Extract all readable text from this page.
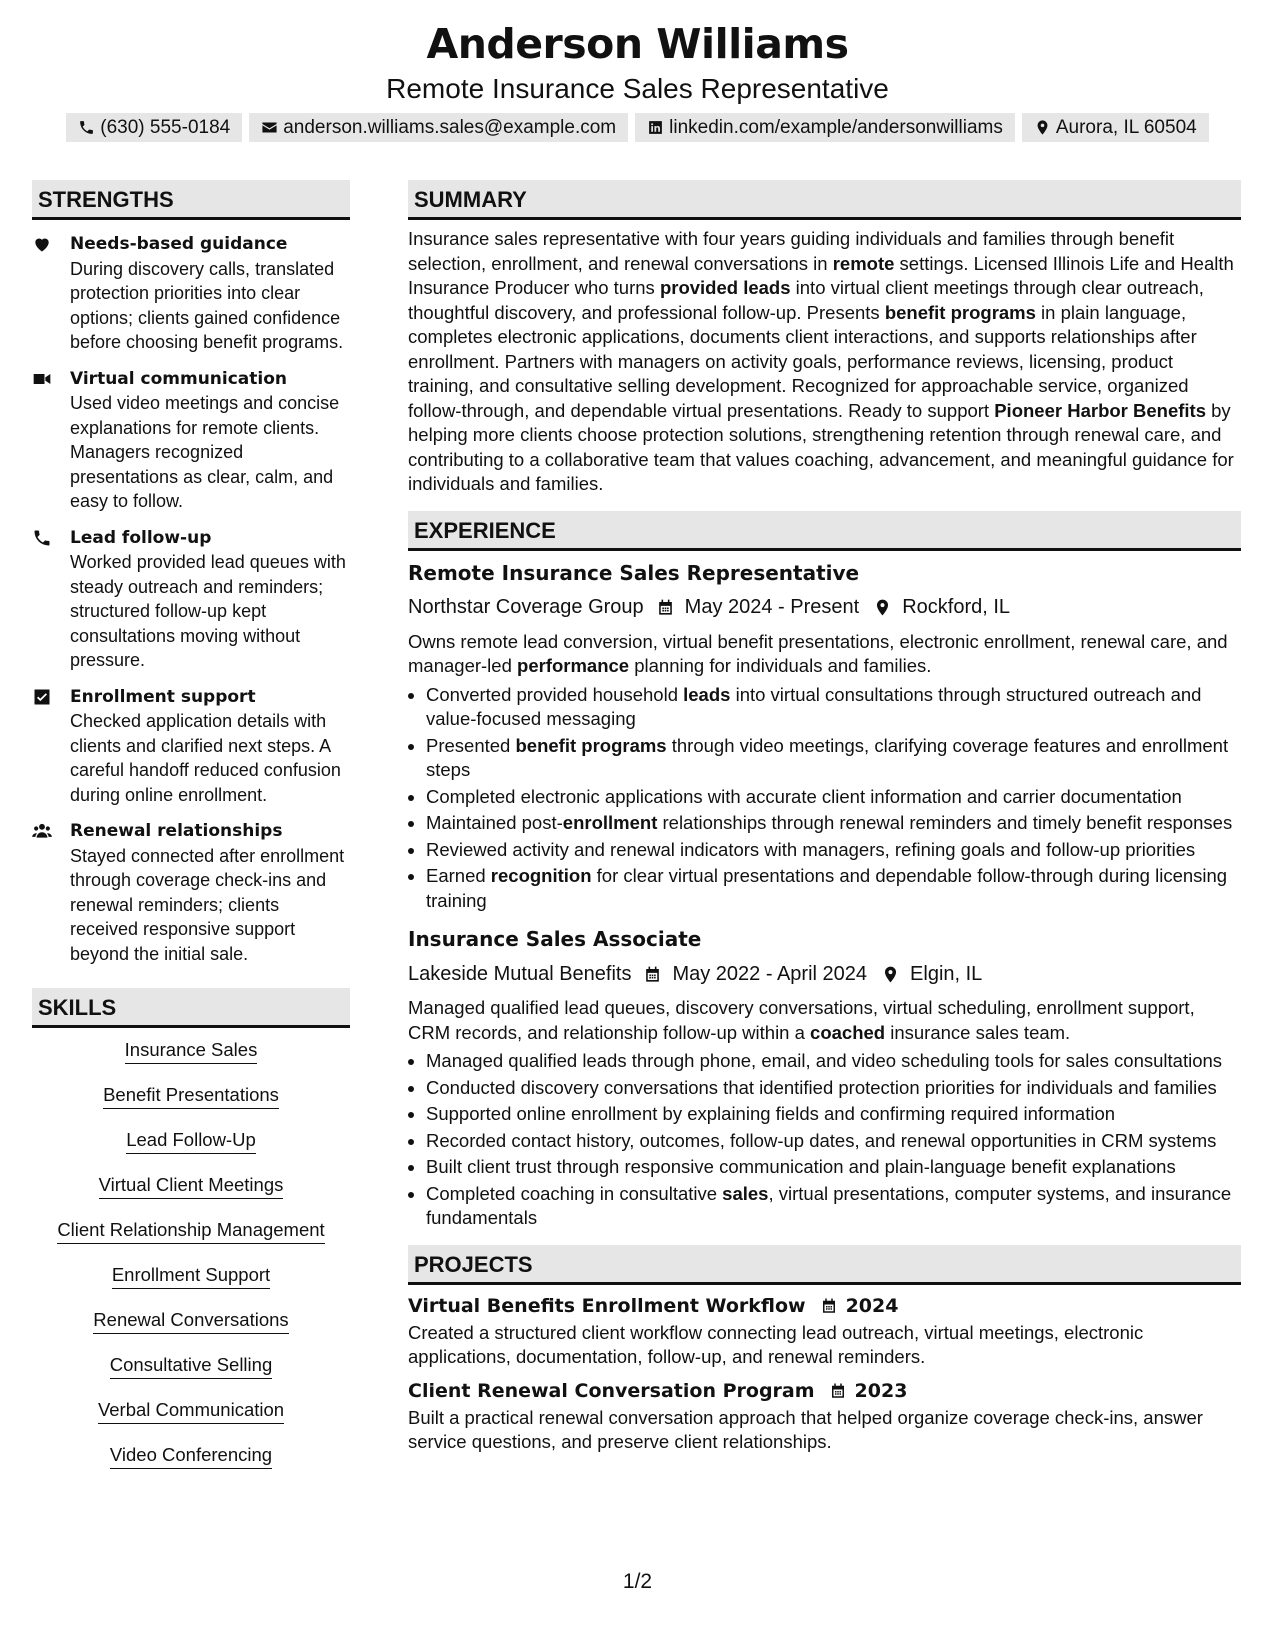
Anderson Williams
Remote Insurance Sales Representative
(630) 555-0184	anderson.williams.sales@example.com	linkedin.com/example/andersonwilliams	Aurora, IL 60504
STRENGTHS
Needs-based guidance
During discovery calls, translated protection priorities into clear options; clients gained confidence before choosing benefit programs.
Virtual communication
Used video meetings and concise explanations for remote clients. Managers recognized presentations as clear, calm, and easy to follow.
Lead follow-up
Worked provided lead queues with steady outreach and reminders; structured follow-up kept consultations moving without pressure.
Enrollment support
Checked application details with clients and clarified next steps. A careful handoff reduced confusion during online enrollment.
Renewal relationships
Stayed connected after enrollment through coverage check-ins and renewal reminders; clients received responsive support beyond the initial sale.
SKILLS
Insurance Sales
Benefit Presentations
Lead Follow-Up
Virtual Client Meetings
Client Relationship Management
Enrollment Support
Renewal Conversations
Consultative Selling
Verbal Communication
Video Conferencing
SUMMARY

Insurance sales representative with four years guiding individuals and families through benefit selection, enrollment, and renewal conversations in remote settings. Licensed Illinois Life and Health Insurance Producer who turns provided leads into virtual client meetings through clear outreach, thoughtful discovery, and professional follow-up. Presents benefit programs in plain language, completes electronic applications, documents client interactions, and supports relationships after enrollment. Partners with managers on activity goals, performance reviews, licensing, product training, and consultative selling development. Recognized for approachable service, organized follow-through, and dependable virtual presentations. Ready to support Pioneer Harbor Benefits by helping more clients choose protection solutions, strengthening retention through renewal care, and contributing to a collaborative team that values coaching, advancement, and meaningful guidance for individuals and families.

EXPERIENCE
Remote Insurance Sales Representative
Northstar Coverage Group May 2024 - Present Rockford, IL

Owns remote lead conversion, virtual benefit presentations, electronic enrollment, renewal care, and manager-led performance planning for individuals and families.

• Converted provided household leads into virtual consultations through structured outreach and value-focused messaging
• Presented benefit programs through video meetings, clarifying coverage features and enrollment steps
• Completed electronic applications with accurate client information and carrier documentation
• Maintained post-enrollment relationships through renewal reminders and timely benefit responses
• Reviewed activity and renewal indicators with managers, refining goals and follow-up priorities
• Earned recognition for clear virtual presentations and dependable follow-through during licensing training
Insurance Sales Associate
Lakeside Mutual Benefits May 2022 - April 2024 Elgin, IL

Managed qualified lead queues, discovery conversations, virtual scheduling, enrollment support, CRM records, and relationship follow-up within a coached insurance sales team.

• Managed qualified leads through phone, email, and video scheduling tools for sales consultations
• Conducted discovery conversations that identified protection priorities for individuals and families
• Supported online enrollment by explaining fields and confirming required information
• Recorded contact history, outcomes, follow-up dates, and renewal opportunities in CRM systems
• Built client trust through responsive communication and plain-language benefit explanations
• Completed coaching in consultative sales, virtual presentations, computer systems, and insurance fundamentals
PROJECTS
Virtual Benefits Enrollment Workflow 2024

Created a structured client workflow connecting lead outreach, virtual meetings, electronic applications, documentation, follow-up, and renewal reminders.

Client Renewal Conversation Program 2023

Built a practical renewal conversation approach that helped organize coverage check-ins, answer service questions, and preserve client relationships.

1/2
